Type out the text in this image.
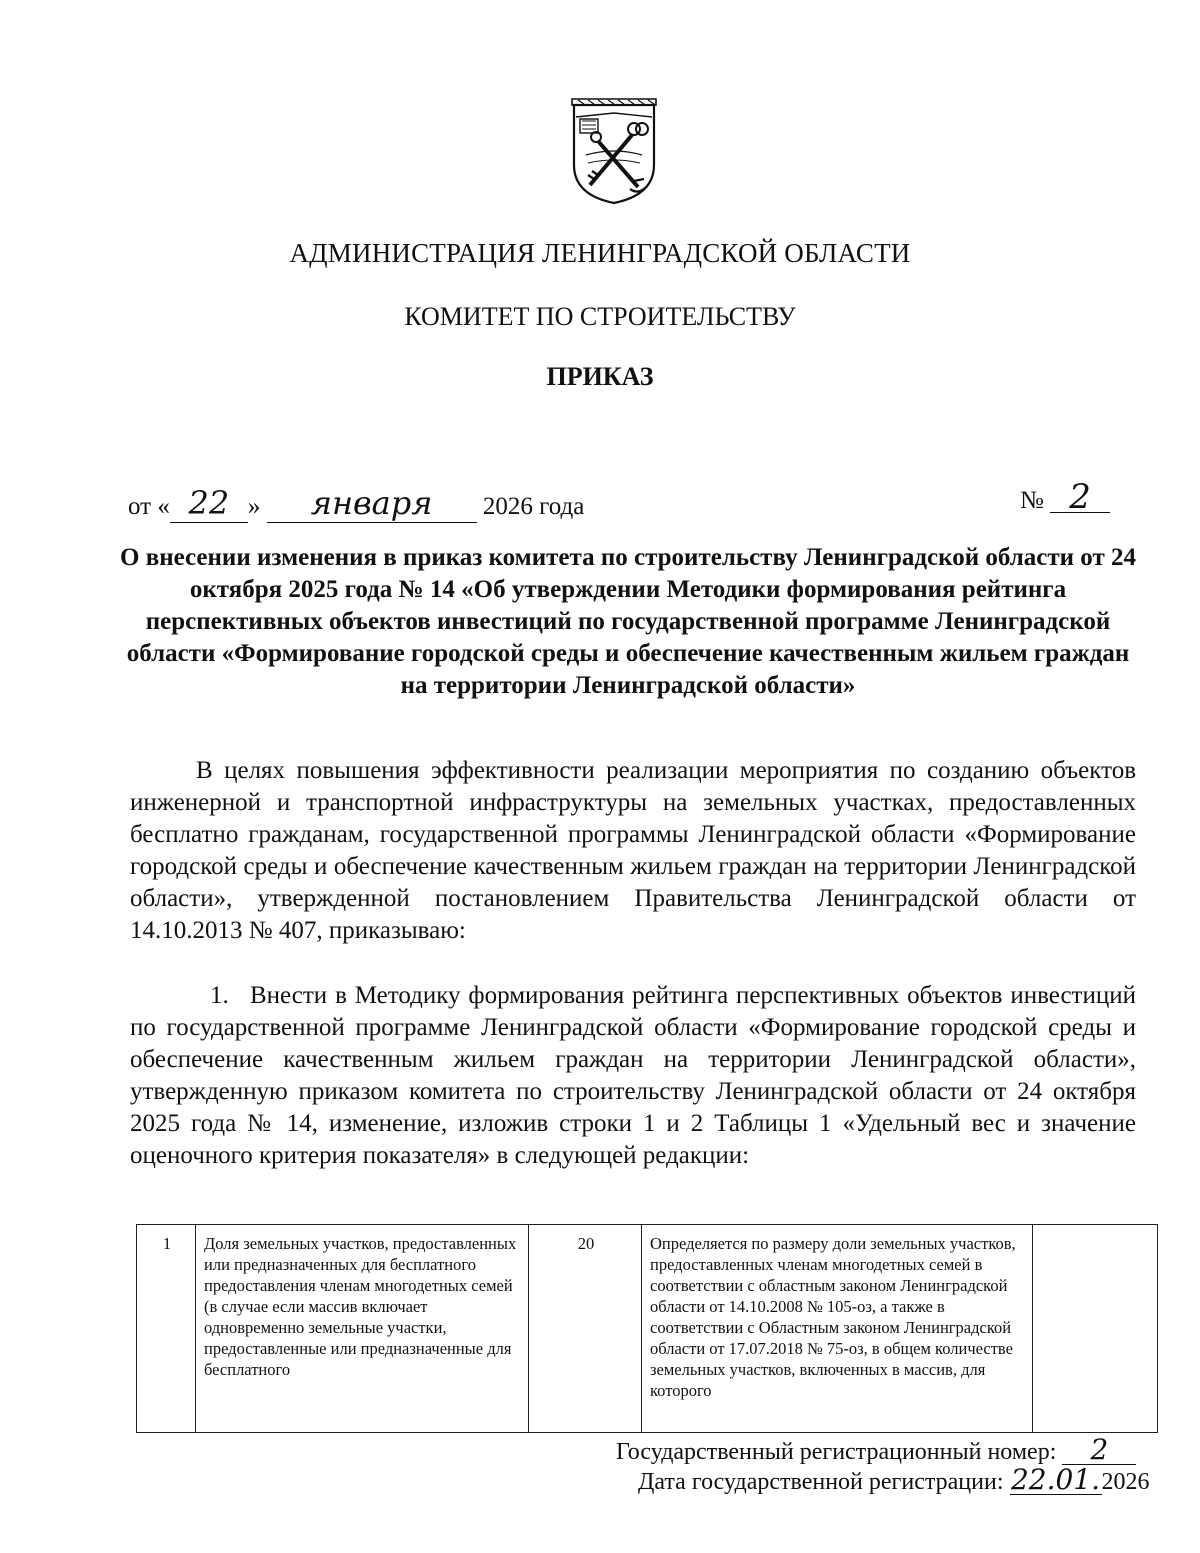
АДМИНИСТРАЦИЯ ЛЕНИНГРАДСКОЙ ОБЛАСТИ
КОМИТЕТ ПО СТРОИТЕЛЬСТВУ
ПРИКАЗ
от « 22 » января 2026 года	№ 2
О внесении изменения в приказ комитета по строительству Ленинградской области от 24 октября 2025 года № 14 «Об утверждении Методики формирования рейтинга перспективных объектов инвестиций по государственной программе Ленинградской области «Формирование городской среды и обеспечение качественным жильем граждан на территории Ленинградской области»
В целях повышения эффективности реализации мероприятия по созданию объектов инженерной и транспортной инфраструктуры на земельных участках, предоставленных бесплатно гражданам, государственной программы Ленинградской области «Формирование городской среды и обеспечение качественным жильем граждан на территории Ленинградской области», утвержденной постановлением Правительства Ленинградской области от 14.10.2013 № 407, приказываю:
1. Внести в Методику формирования рейтинга перспективных объектов инвестиций по государственной программе Ленинградской области «Формирование городской среды и обеспечение качественным жильем граждан на территории Ленинградской области», утвержденную приказом комитета по строительству Ленинградской области от 24 октября 2025 года № 14, изменение, изложив строки 1 и 2 Таблицы 1 «Удельный вес и значение оценочного критерия показателя» в следующей редакции:
1	Доля земельных участков, предоставленных или предназначенных для бесплатного предоставления членам многодетных семей (в случае если массив включает одновременно земельные участки, предоставленные или предназначенные для бесплатного	20	Определяется по размеру доли земельных участков, предоставленных членам многодетных семей в соответствии с областным законом Ленинградской области от 14.10.2008 № 105-оз, а также в соответствии с Областным законом Ленинградской области от 17.07.2018 № 75-оз, в общем количестве земельных участков, включенных в массив, для которого	
Государственный регистрационный номер: 2
Дата государственной регистрации: 22.01.2026
